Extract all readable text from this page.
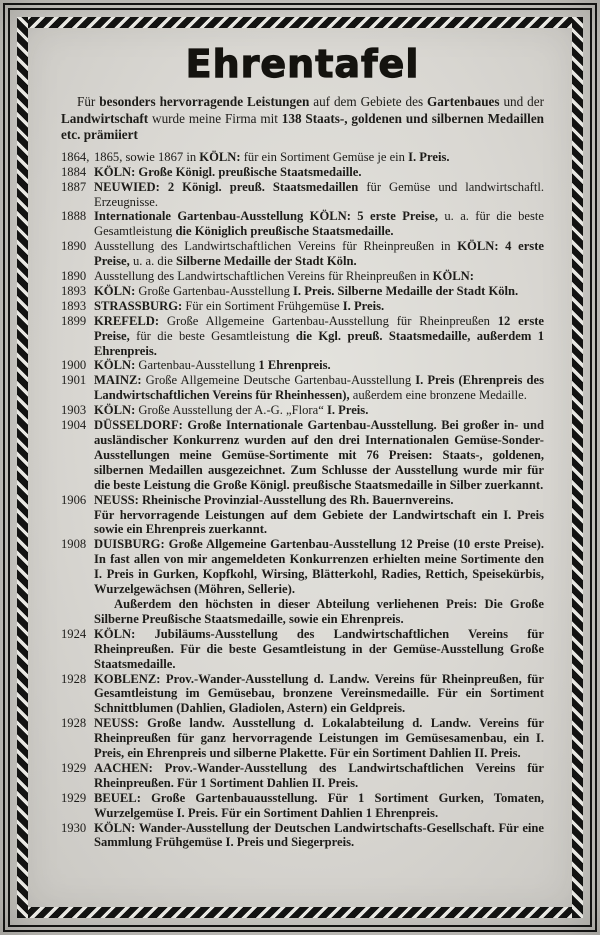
Ehrentafel

Für besonders hervorragende Leistungen auf dem Gebiete des Gartenbaues und der Landwirtschaft wurde meine Firma mit 138 Staats-, goldenen und silbernen Medaillen etc. prämiiert

1864, 1865, sowie 1867 in KÖLN: für ein Sortiment Gemüse je ein I. Preis.

1884 KÖLN: Große Königl. preußische Staatsmedaille.

1887 NEUWIED: 2 Königl. preuß. Staatsmedaillen für Gemüse und landwirtschaftl. Erzeugnisse.

1888 Internationale Gartenbau-Ausstellung KÖLN: 5 erste Preise, u. a. für die beste Gesamtleistung die Königlich preußische Staatsmedaille.

1890 Ausstellung des Landwirtschaftlichen Vereins für Rheinpreußen in KÖLN: 4 erste Preise, u. a. die Silberne Medaille der Stadt Köln.

1890 Ausstellung des Landwirtschaftlichen Vereins für Rheinpreußen in KÖLN:

1893 KÖLN: Große Gartenbau-Ausstellung I. Preis. Silberne Medaille der Stadt Köln.

1893 STRASSBURG: Für ein Sortiment Frühgemüse I. Preis.

1899 KREFELD: Große Allgemeine Gartenbau-Ausstellung für Rheinpreußen 12 erste Preise, für die beste Gesamtleistung die Kgl. preuß. Staatsmedaille, außerdem 1 Ehrenpreis.

1900 KÖLN: Gartenbau-Ausstellung 1 Ehrenpreis.

1901 MAINZ: Große Allgemeine Deutsche Gartenbau-Ausstellung I. Preis (Ehrenpreis des Landwirtschaftlichen Vereins für Rheinhessen), außerdem eine bronzene Medaille.

1903 KÖLN: Große Ausstellung der A.-G. „Flora“ I. Preis.

1904 DÜSSELDORF: Große Internationale Gartenbau-Ausstellung. Bei großer in- und ausländischer Konkurrenz wurden auf den drei Internationalen Gemüse-Sonder-Ausstellungen meine Gemüse-Sortimente mit 76 Preisen: Staats-, goldenen, silbernen Medaillen ausgezeichnet. Zum Schlusse der Ausstellung wurde mir für die beste Leistung die Große Königl. preußische Staatsmedaille in Silber zuerkannt.

1906 NEUSS: Rheinische Provinzial-Ausstellung des Rh. Bauernvereins.

Für hervorragende Leistungen auf dem Gebiete der Landwirtschaft ein I. Preis sowie ein Ehrenpreis zuerkannt.

1908 DUISBURG: Große Allgemeine Gartenbau-Ausstellung 12 Preise (10 erste Preise). In fast allen von mir angemeldeten Konkurrenzen erhielten meine Sortimente den I. Preis in Gurken, Kopfkohl, Wirsing, Blätterkohl, Radies, Rettich, Speisekürbis, Wurzelgewächsen (Möhren, Sellerie).

Außerdem den höchsten in dieser Abteilung verliehenen Preis: Die Große Silberne Preußische Staatsmedaille, sowie ein Ehrenpreis.

1924 KÖLN: Jubiläums-Ausstellung des Landwirtschaftlichen Vereins für Rheinpreußen. Für die beste Gesamtleistung in der Gemüse-Ausstellung Große Staatsmedaille.

1928 KOBLENZ: Prov.-Wander-Ausstellung d. Landw. Vereins für Rheinpreußen, für Gesamtleistung im Gemüsebau, bronzene Vereinsmedaille. Für ein Sortiment Schnittblumen (Dahlien, Gladiolen, Astern) ein Geldpreis.

1928 NEUSS: Große landw. Ausstellung d. Lokalabteilung d. Landw. Vereins für Rheinpreußen für ganz hervorragende Leistungen im Gemüsesamenbau, ein I. Preis, ein Ehrenpreis und silberne Plakette. Für ein Sortiment Dahlien II. Preis.

1929 AACHEN: Prov.-Wander-Ausstellung des Landwirtschaftlichen Vereins für Rheinpreußen. Für 1 Sortiment Dahlien II. Preis.

1929 BEUEL: Große Gartenbauausstellung. Für 1 Sortiment Gurken, Tomaten, Wurzelgemüse I. Preis. Für ein Sortiment Dahlien 1 Ehrenpreis.

1930 KÖLN: Wander-Ausstellung der Deutschen Landwirtschafts-Gesellschaft. Für eine Sammlung Frühgemüse I. Preis und Siegerpreis.
